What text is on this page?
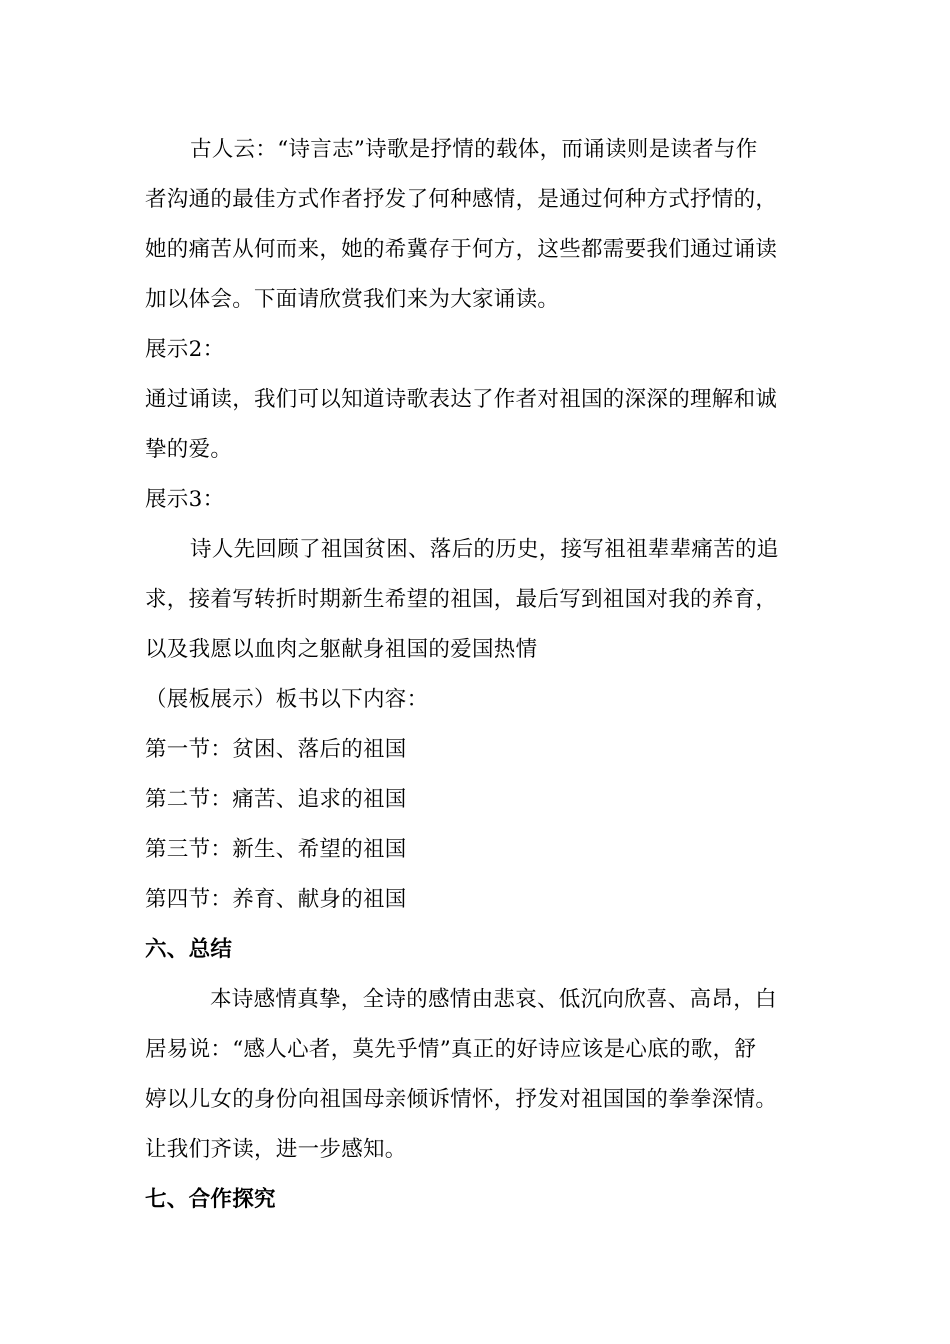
古人云：“诗言志”诗歌是抒情的载体，而诵读则是读者与作
者沟通的最佳方式作者抒发了何种感情，是通过何种方式抒情的，
她的痛苦从何而来，她的希冀存于何方，这些都需要我们通过诵读
加以体会。下面请欣赏我们来为大家诵读。
展示2：
通过诵读，我们可以知道诗歌表达了作者对祖国的深深的理解和诚
挚的爱。
展示3：
诗人先回顾了祖国贫困、落后的历史，接写祖祖辈辈痛苦的追
求，接着写转折时期新生希望的祖国，最后写到祖国对我的养育，
以及我愿以血肉之躯献身祖国的爱国热情
（展板展示）板书以下内容：
第一节：贫困、落后的祖国
第二节：痛苦、追求的祖国
第三节：新生、希望的祖国
第四节：养育、献身的祖国
六、总结
本诗感情真挚，全诗的感情由悲哀、低沉向欣喜、高昂，白
居易说：“感人心者，莫先乎情”真正的好诗应该是心底的歌，舒
婷以儿女的身份向祖国母亲倾诉情怀，抒发对祖国国的拳拳深情。
让我们齐读，进一步感知。
七、合作探究
